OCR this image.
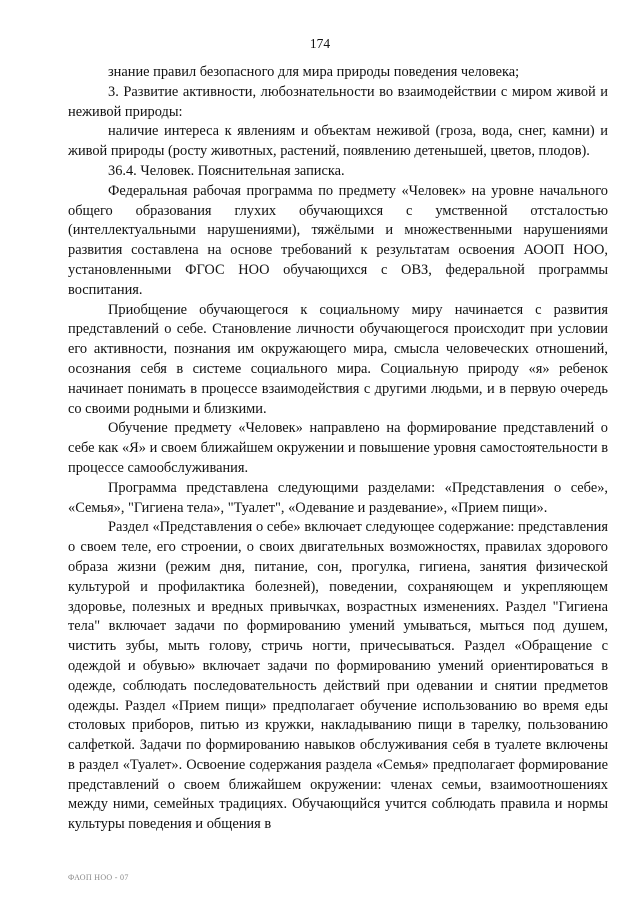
174

знание правил безопасного для мира природы поведения человека;

3. Развитие активности, любознательности во взаимодействии с миром живой и неживой природы:

наличие интереса к явлениям и объектам неживой (гроза, вода, снег, камни) и живой природы (росту животных, растений, появлению детенышей, цветов, плодов).

36.4. Человек. Пояснительная записка.

Федеральная рабочая программа по предмету «Человек» на уровне начального общего образования глухих обучающихся с умственной отсталостью (интеллектуальными нарушениями), тяжёлыми и множественными нарушениями развития составлена на основе требований к результатам освоения АООП НОО, установленными ФГОС НОО обучающихся с ОВЗ, федеральной программы воспитания.

Приобщение обучающегося к социальному миру начинается с развития представлений о себе. Становление личности обучающегося происходит при условии его активности, познания им окружающего мира, смысла человеческих отношений, осознания себя в системе социального мира. Социальную природу «я» ребенок начинает понимать в процессе взаимодействия с другими людьми, и в первую очередь со своими родными и близкими.

Обучение предмету «Человек» направлено на формирование представлений о себе как «Я» и своем ближайшем окружении и повышение уровня самостоятельности в процессе самообслуживания.

Программа представлена следующими разделами: «Представления о себе», «Семья», "Гигиена тела», "Туалет", «Одевание и раздевание», «Прием пищи».

Раздел «Представления о себе» включает следующее содержание: представления о своем теле, его строении, о своих двигательных возможностях, правилах здорового образа жизни (режим дня, питание, сон, прогулка, гигиена, занятия физической культурой и профилактика болезней), поведении, сохраняющем и укрепляющем здоровье, полезных и вредных привычках, возрастных изменениях. Раздел "Гигиена тела" включает задачи по формированию умений умываться, мыться под душем, чистить зубы, мыть голову, стричь ногти, причесываться. Раздел «Обращение с одеждой и обувью» включает задачи по формированию умений ориентироваться в одежде, соблюдать последовательность действий при одевании и снятии предметов одежды. Раздел «Прием пищи» предполагает обучение использованию во время еды столовых приборов, питью из кружки, накладыванию пищи в тарелку, пользованию салфеткой. Задачи по формированию навыков обслуживания себя в туалете включены в раздел «Туалет». Освоение содержания раздела «Семья» предполагает формирование представлений о своем ближайшем окружении: членах семьи, взаимоотношениях между ними, семейных традициях. Обучающийся учится соблюдать правила и нормы культуры поведения и общения в

ФАОП НОО - 07
